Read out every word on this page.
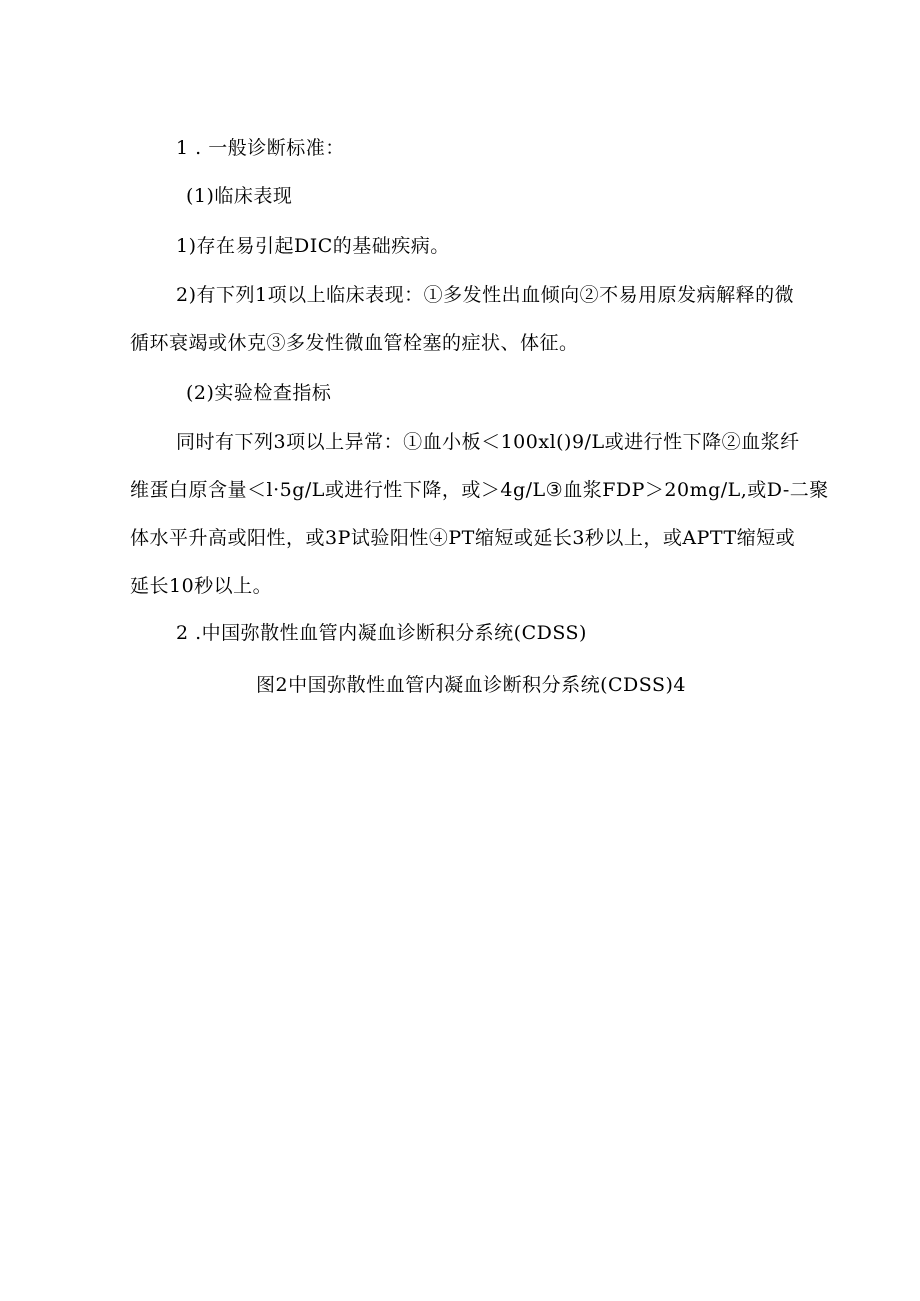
1 . 一般诊断标准：
(1)临床表现
1)存在易引起DIC的基础疾病。
2)有下列1项以上临床表现：①多发性出血倾向②不易用原发病解释的微
循环衰竭或休克③多发性微血管栓塞的症状、体征。
(2)实验检查指标
同时有下列3项以上异常：①血小板＜100xl()9∕L或进行性下降②血浆纤
维蛋白原含量＜l·5g∕L或进行性下降，或＞4g∕L③血浆FDP＞20mg∕L,或D-二聚
体水平升高或阳性，或3P试验阳性④PT缩短或延长3秒以上，或APTT缩短或
延长10秒以上。
2 .中国弥散性血管内凝血诊断积分系统(CDSS)
图2中国弥散性血管内凝血诊断积分系统(CDSS)4
